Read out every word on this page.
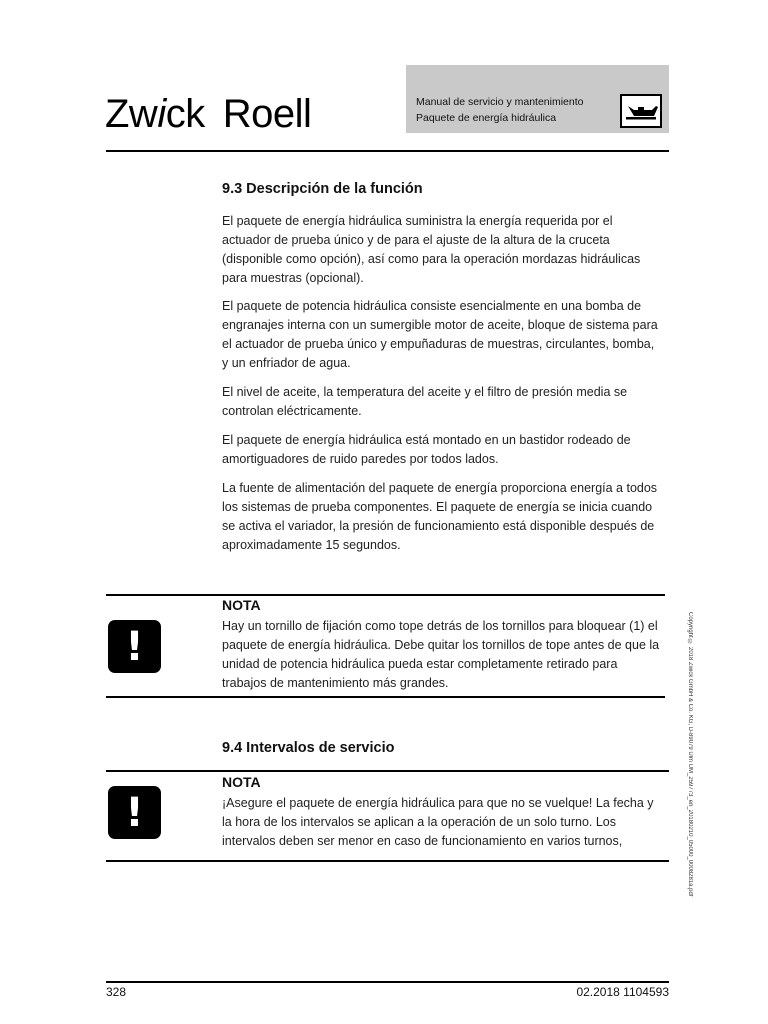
Zwick Roell	Manual de servicio y mantenimiento
Paquete de energía hidráulica
9.3 Descripción de la función

El paquete de energía hidráulica suministra la energía requerida por el actuador de prueba único y de para el ajuste de la altura de la cruceta (disponible como opción), así como para la operación mordazas hidráulicas para muestras (opcional).

El paquete de potencia hidráulica consiste esencialmente en una bomba de engranajes interna con un sumergible motor de aceite, bloque de sistema para el actuador de prueba único y empuñaduras de muestras, circulantes, bomba, y un enfriador de agua.

El nivel de aceite, la temperatura del aceite y el filtro de presión media se controlan eléctricamente.

El paquete de energía hidráulica está montado en un bastidor rodeado de amortiguadores de ruido paredes por todos lados.

La fuente de alimentación del paquete de energía proporciona energía a todos los sistemas de prueba componentes. El paquete de energía se inicia cuando se activa el variador, la presión de funcionamiento está disponible después de aproximadamente 15 segundos.

NOTA
!	Hay un tornillo de fijación como tope detrás de los tornillos para bloquear (1) el paquete de energía hidráulica. Debe quitar los tornillos de tope antes de que la unidad de potencia hidráulica pueda estar completamente retirado para trabajos de mantenimiento más grandes.

9.4 Intervalos de servicio
NOTA
!	¡Asegure el paquete de energía hidráulica para que no se vuelque! La fecha y la hora de los intervalos se aplican a la operación de un solo turno. Los intervalos deben ser menor en caso de funcionamiento en varios turnos,	Copyright © 2018 Zwick GmbH & Co. KG, D-89079 Ulm UM_259773_en_20180210_05000_0008281a.pdf
328	02.2018 1104593
